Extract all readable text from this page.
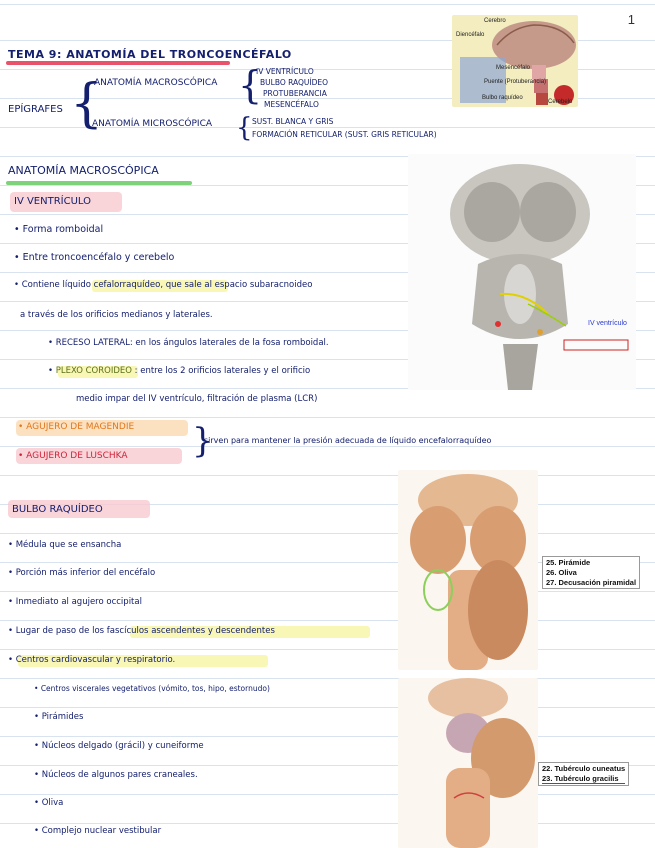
1
TEMA 9: ANATOMÍA DEL TRONCOENCÉFALO
Cerebro
Diencéfalo
Mesencéfalo
Puente (Protuberancia)
Bulbo raquídeo
Cerebelo
EPÍGRAFES {
ANATOMÍA MACROSCÓPICA {
IV VENTRÍCULO
BULBO RAQUÍDEO
PROTUBERANCIA
MESENCÉFALO
ANATOMÍA MICROSCÓPICA { SUST. BLANCA Y GRIS
FORMACIÓN RETICULAR (SUST. GRIS RETICULAR)
ANATOMÍA MACROSCÓPICA
IV VENTRÍCULO
• Forma romboidal
• Entre troncoencéfalo y cerebelo
• Contiene líquido cefalorraquídeo, que sale al espacio subaracnoideo
a través de los orificios medianos y laterales.
• RECESO LATERAL: en los ángulos laterales de la fosa romboidal.
• PLEXO COROIDEO : entre los 2 orificios laterales y el orificio
medio impar del IV ventrículo, filtración de plasma (LCR)
• AGUJERO DE MAGENDIE
• AGUJERO DE LUSCHKA {
sirven para mantener la presión adecuada de líquido encefalorraquídeo
IV ventrículo
BULBO RAQUÍDEO
• Médula que se ensancha
• Porción más inferior del encéfalo
• Inmediato al agujero occipital
• Lugar de paso de los fascículos ascendentes y descendentes
• Centros cardiovascular y respiratorio.
• Centros viscerales vegetativos (vómito, tos, hipo, estornudo)
• Pirámides
• Núcleos delgado (grácil) y cuneiforme
• Núcleos de algunos pares craneales.
• Oliva
• Complejo nuclear vestibular
25. Pirámide
26. Oliva
27. Decusación piramidal
22. Tubérculo cuneatus
23. Tubérculo gracilis
